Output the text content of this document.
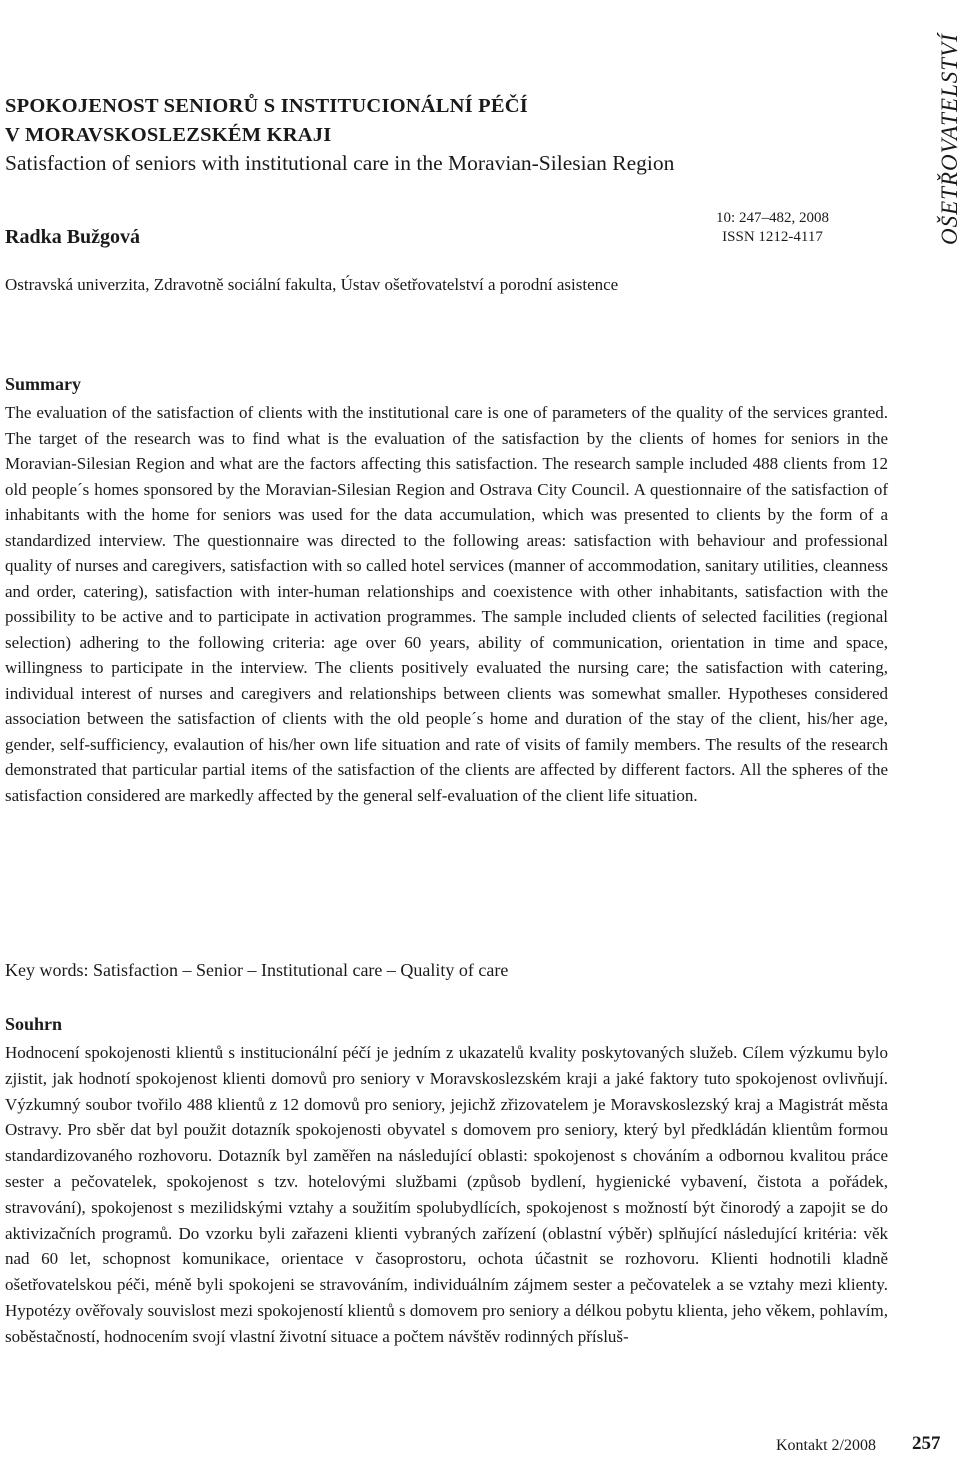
OŠETŘOVATELSTVÍ
SPOKOJENOST SENIORŮ S INSTITUCIONÁLNÍ PÉČÍ
V MORAVSKOSLEZSKÉM KRAJI
Satisfaction of seniors with institutional care in the Moravian-Silesian Region
Radka Bužgová
10: 247–482, 2008
ISSN 1212-4117
Ostravská univerzita, Zdravotně sociální fakulta, Ústav ošetřovatelství a porodní asistence
Summary

The evaluation of the satisfaction of clients with the institutional care is one of parameters of the quality of the services granted. The target of the research was to find what is the evaluation of the satisfaction by the clients of homes for seniors in the Moravian-Silesian Region and what are the factors affecting this satisfaction. The research sample included 488 clients from 12 old people´s homes sponsored by the Moravian-Silesian Region and Ostrava City Council. A questionnaire of the satisfaction of inhabitants with the home for seniors was used for the data accumulation, which was presented to clients by the form of a standardized interview. The questionnaire was directed to the following areas: satisfaction with behaviour and professional quality of nurses and caregivers, satisfaction with so called hotel services (manner of accommodation, sanitary utilities, cleanness and order, catering), satisfaction with inter-human relationships and coexistence with other inhabitants, satisfaction with the possibility to be active and to participate in activation programmes. The sample included clients of selected facilities (regional selection) adhering to the following criteria: age over 60 years, ability of communication, orientation in time and space, willingness to participate in the interview. The clients positively evaluated the nursing care; the satisfaction with catering, individual interest of nurses and caregivers and relationships between clients was somewhat smaller. Hypotheses considered association between the satisfaction of clients with the old people´s home and duration of the stay of the client, his/her age, gender, self-sufficiency, evalaution of his/her own life situation and rate of visits of family members. The results of the research demonstrated that particular partial items of the satisfaction of the clients are affected by different factors. All the spheres of the satisfaction considered are markedly affected by the general self-evaluation of the client life situation.

Key words: Satisfaction – Senior – Institutional care – Quality of care
Souhrn

Hodnocení spokojenosti klientů s institucionální péčí je jedním z ukazatelů kvality poskytovaných služeb. Cílem výzkumu bylo zjistit, jak hodnotí spokojenost klienti domovů pro seniory v Moravskoslezském kraji a jaké faktory tuto spokojenost ovlivňují. Výzkumný soubor tvořilo 488 klientů z 12 domovů pro seniory, jejichž zřizovatelem je Moravskoslezský kraj a Magistrát města Ostravy. Pro sběr dat byl použit dotazník spokojenosti obyvatel s domovem pro seniory, který byl předkládán klientům formou standardizovaného rozhovoru. Dotazník byl zaměřen na následující oblasti: spokojenost s chováním a odbornou kvalitou práce sester a pečovatelek, spokojenost s tzv. hotelovými službami (způsob bydlení, hygienické vybavení, čistota a pořádek, stravování), spokojenost s mezilidskými vztahy a soužitím spolubydlících, spokojenost s možností být činorodý a zapojit se do aktivizačních programů. Do vzorku byli zařazeni klienti vybraných zařízení (oblastní výběr) splňující následující kritéria: věk nad 60 let, schopnost komunikace, orientace v časoprostoru, ochota účastnit se rozhovoru. Klienti hodnotili kladně ošetřovatelskou péči, méně byli spokojeni se stravováním, individuálním zájmem sester a pečovatelek a se vztahy mezi klienty. Hypotézy ověřovaly souvislost mezi spokojeností klientů s domovem pro seniory a délkou pobytu klienta, jeho věkem, pohlavím, soběstačností, hodnocením svojí vlastní životní situace a počtem návštěv rodinných přísluš-

Kontakt 2/2008 257
